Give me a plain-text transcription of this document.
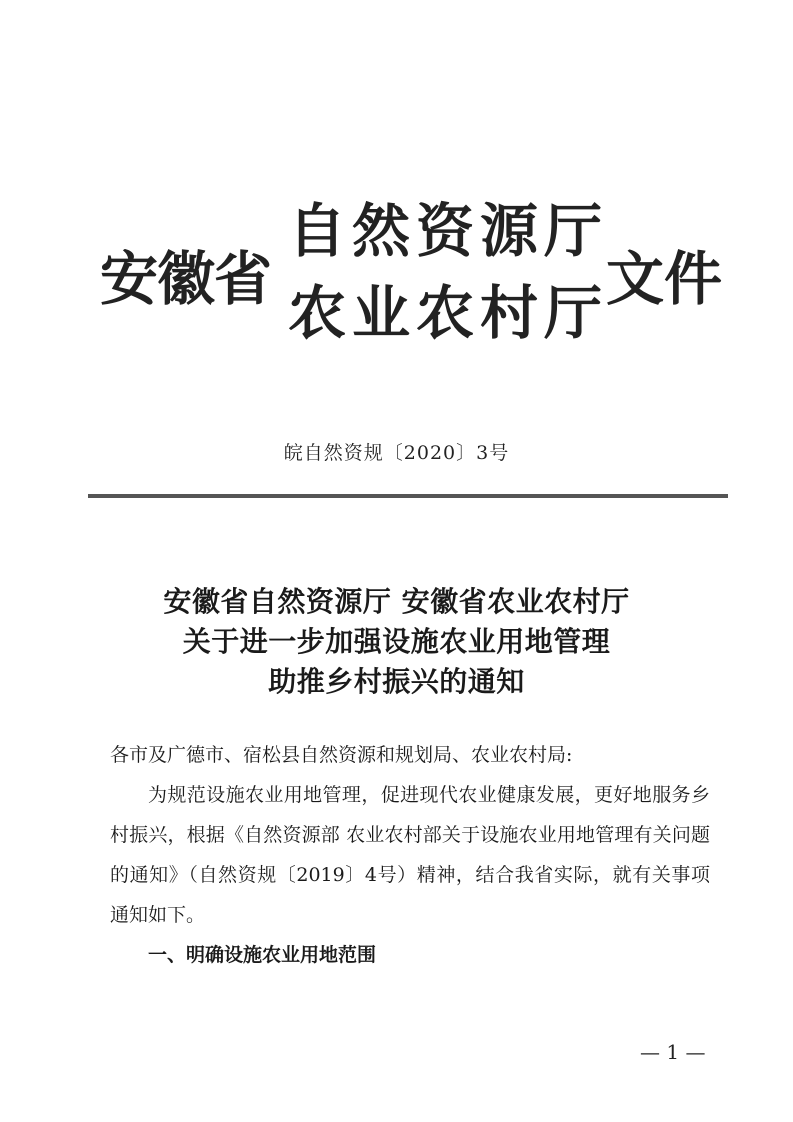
安徽省
自然资源厅
农业农村厅
文件
皖自然资规〔2020〕3号
安徽省自然资源厅 安徽省农业农村厅
关于进一步加强设施农业用地管理
助推乡村振兴的通知

各市及广德市、宿松县自然资源和规划局、农业农村局:

为规范设施农业用地管理，促进现代农业健康发展，更好地服务乡村振兴，根据《自然资源部 农业农村部关于设施农业用地管理有关问题的通知》（自然资规〔2019〕4号）精神，结合我省实际，就有关事项通知如下。

一、明确设施农业用地范围

— 1 —
